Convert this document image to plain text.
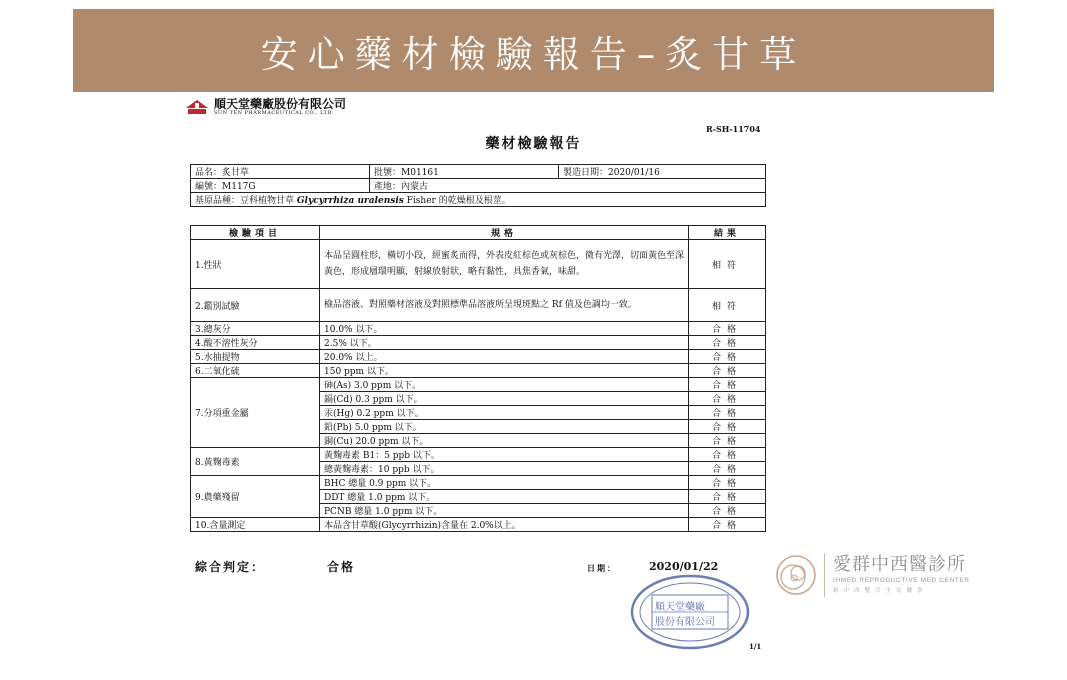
安心藥材檢驗報告–炙甘草
順天堂藥廠股份有限公司
SUN TEN PHARMACEUTICAL CO., LTD.
R-SH-11704
藥材檢驗報告
品名：炙甘草	批號：M01161	製造日期：2020/01/16
編號：M117G	產地：內蒙古	
基原品種：豆科植物甘草 Glycyrrhiza uralensis Fisher 的乾燥根及根莖。		
檢驗項目	規格	結果
1.性狀	本品呈圓柱形，橫切小段，經蜜炙而得，外表皮紅棕色或灰棕色，微有光澤，切面黃色至深黃色，形成層環明顯，射線放射狀，略有黏性，具焦香氣，味甜。	相符
2.鑑別試驗	檢品溶液、對照藥材溶液及對照標準品溶液所呈現斑點之 Rf 值及色調均一致。	相符
3.總灰分	10.0% 以下。	合格
4.酸不溶性灰分	2.5% 以下。	合格
5.水抽提物	20.0% 以上。	合格
6.二氧化硫	150 ppm 以下。	合格
7.分項重金屬	砷(As) 3.0 ppm 以下。	合格
	鎘(Cd) 0.3 ppm 以下。	合格
	汞(Hg) 0.2 ppm 以下。	合格
	鉛(Pb) 5.0 ppm 以下。	合格
	銅(Cu) 20.0 ppm 以下。	合格
8.黃麴毒素	黃麴毒素 B1：5 ppb 以下。	合格
	總黃麴毒素：10 ppb 以下。	合格
9.農藥殘留	BHC 總量 0.9 ppm 以下。	合格
	DDT 總量 1.0 ppm 以下。	合格
	PCNB 總量 1.0 ppm 以下。	合格
10.含量測定	本品含甘草酸(Glycyrrhizin)含量在 2.0%以上。	合格
綜合判定：	合格	日期：	2020/01/22
順天堂藥廠
股份有限公司
1/1
愛群中西醫診所
IHMED REPRODUCTIVE MED CENTER
新中西整合生育醫學
